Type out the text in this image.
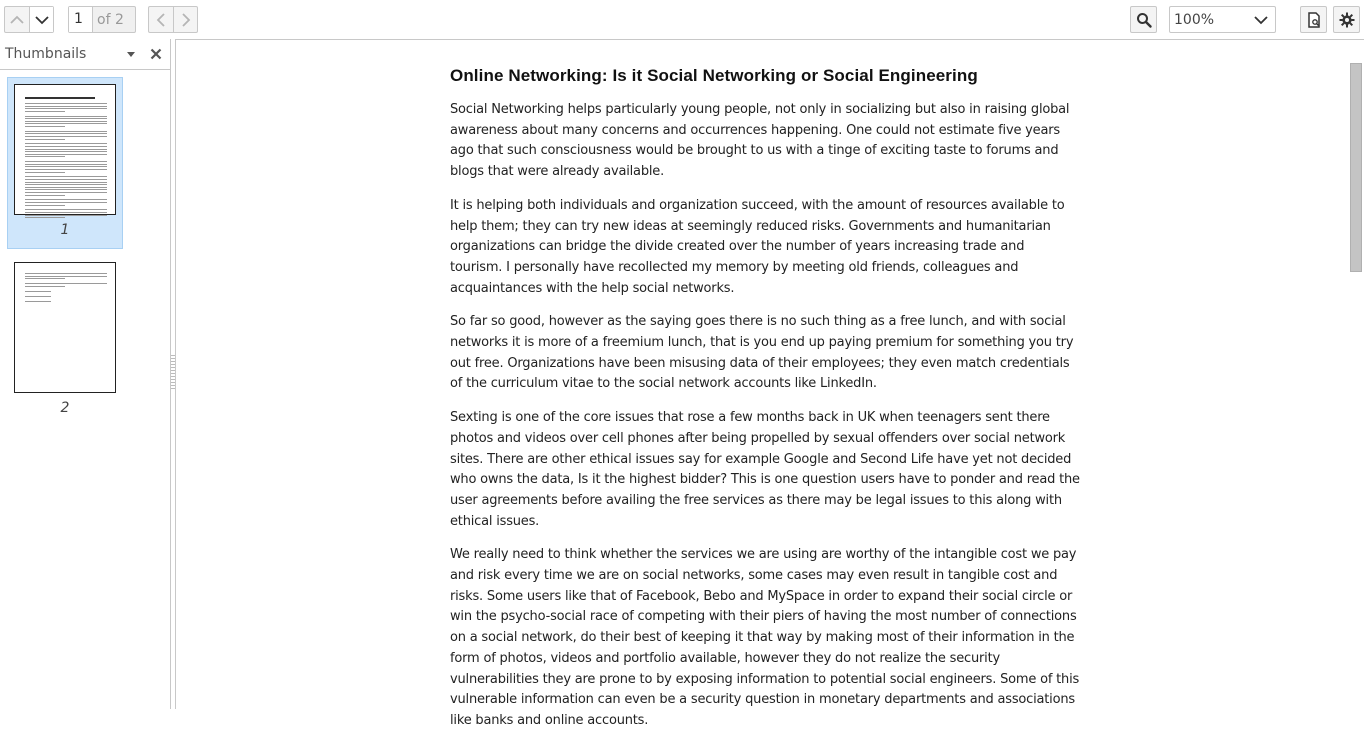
1	of 2	100%
Thumbnails
1
2
Online Networking: Is it Social Networking or Social Engineering

Social Networking helps particularly young people, not only in socializing but also in raising global awareness about many concerns and occurrences happening. One could not estimate five years ago that such consciousness would be brought to us with a tinge of exciting taste to forums and blogs that were already available.

It is helping both individuals and organization succeed, with the amount of resources available to help them; they can try new ideas at seemingly reduced risks. Governments and humanitarian organizations can bridge the divide created over the number of years increasing trade and tourism. I personally have recollected my memory by meeting old friends, colleagues and acquaintances with the help social networks.

So far so good, however as the saying goes there is no such thing as a free lunch, and with social networks it is more of a freemium lunch, that is you end up paying premium for something you try out free. Organizations have been misusing data of their employees; they even match credentials of the curriculum vitae to the social network accounts like LinkedIn.

Sexting is one of the core issues that rose a few months back in UK when teenagers sent there photos and videos over cell phones after being propelled by sexual offenders over social network sites. There are other ethical issues say for example Google and Second Life have yet not decided who owns the data, Is it the highest bidder? This is one question users have to ponder and read the user agreements before availing the free services as there may be legal issues to this along with ethical issues.

We really need to think whether the services we are using are worthy of the intangible cost we pay and risk every time we are on social networks, some cases may even result in tangible cost and risks. Some users like that of Facebook, Bebo and MySpace in order to expand their social circle or win the psycho-social race of competing with their piers of having the most number of connections on a social network, do their best of keeping it that way by making most of their information in the form of photos, videos and portfolio available, however they do not realize the security vulnerabilities they are prone to by exposing information to potential social engineers. Some of this vulnerable information can even be a security question in monetary departments and associations like banks and online accounts.
